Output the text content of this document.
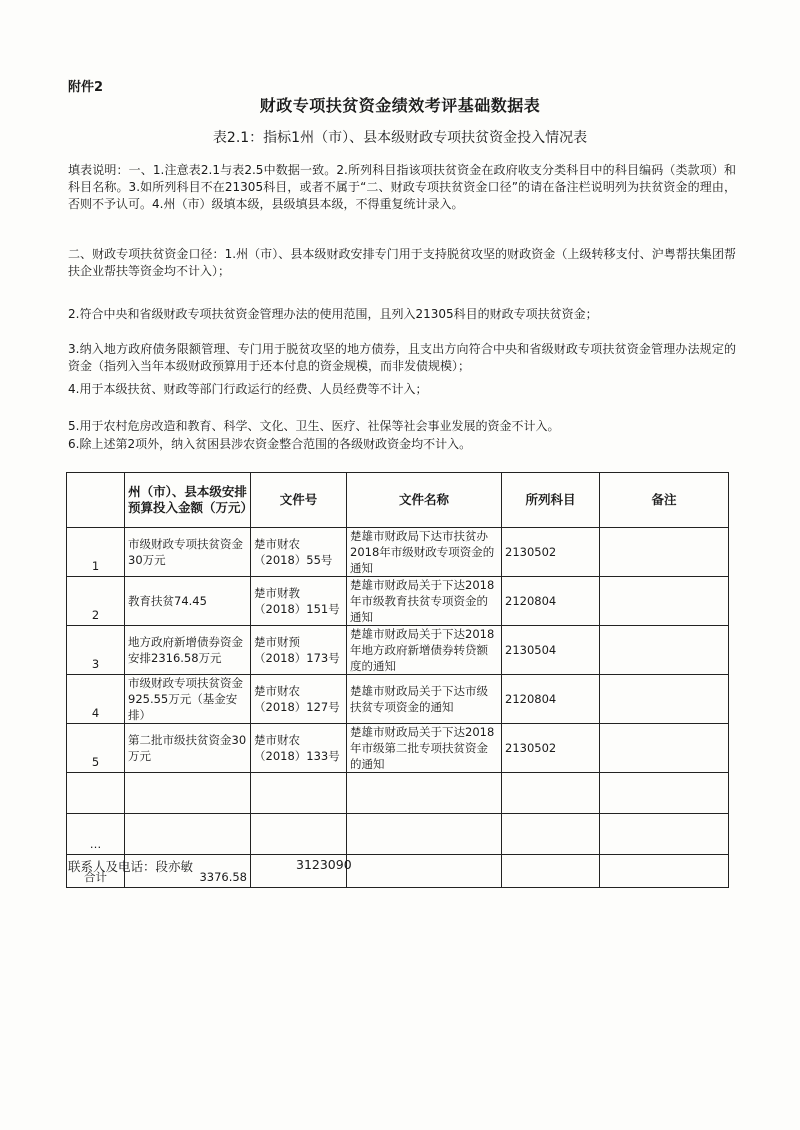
附件2
财政专项扶贫资金绩效考评基础数据表
表2.1：指标1州（市）、县本级财政专项扶贫资金投入情况表
填表说明：一、1.注意表2.1与表2.5中数据一致。2.所列科目指该项扶贫资金在政府收支分类科目中的科目编码（类款项）和科目名称。3.如所列科目不在21305科目，或者不属于“二、财政专项扶贫资金口径”的请在备注栏说明列为扶贫资金的理由，否则不予认可。4.州（市）级填本级，县级填县本级，不得重复统计录入。
二、财政专项扶贫资金口径：1.州（市）、县本级财政安排专门用于支持脱贫攻坚的财政资金（上级转移支付、沪粤帮扶集团帮扶企业帮扶等资金均不计入）；
2.符合中央和省级财政专项扶贫资金管理办法的使用范围，且列入21305科目的财政专项扶贫资金；
3.纳入地方政府债务限额管理、专门用于脱贫攻坚的地方债券，且支出方向符合中央和省级财政专项扶贫资金管理办法规定的资金（指列入当年本级财政预算用于还本付息的资金规模，而非发债规模）；
4.用于本级扶贫、财政等部门行政运行的经费、人员经费等不计入；
5.用于农村危房改造和教育、科学、文化、卫生、医疗、社保等社会事业发展的资金不计入。
6.除上述第2项外，纳入贫困县涉农资金整合范围的各级财政资金均不计入。
	州（市）、县本级安排预算投入金额（万元）	文件号	文件名称	所列科目	备注
1	市级财政专项扶贫资金30万元	楚市财农（2018）55号	楚雄市财政局下达市扶贫办2018年市级财政专项资金的通知	2130502	
2	教育扶贫74.45	楚市财教（2018）151号	楚雄市财政局关于下达2018年市级教育扶贫专项资金的通知	2120804	
3	地方政府新增债券资金安排2316.58万元	楚市财预（2018）173号	楚雄市财政局关于下达2018年地方政府新增债券转贷额度的通知	2130504	
4	市级财政专项扶贫资金925.55万元（基金安排）	楚市财农（2018）127号	楚雄市财政局关于下达市级扶贫专项资金的通知	2120804	
5	第二批市级扶贫资金30万元	楚市财农（2018）133号	楚雄市财政局关于下达2018年市级第二批专项扶贫资金的通知	2130502	

…					
合计	3376.58				
联系人及电话：段亦敏	3123090
